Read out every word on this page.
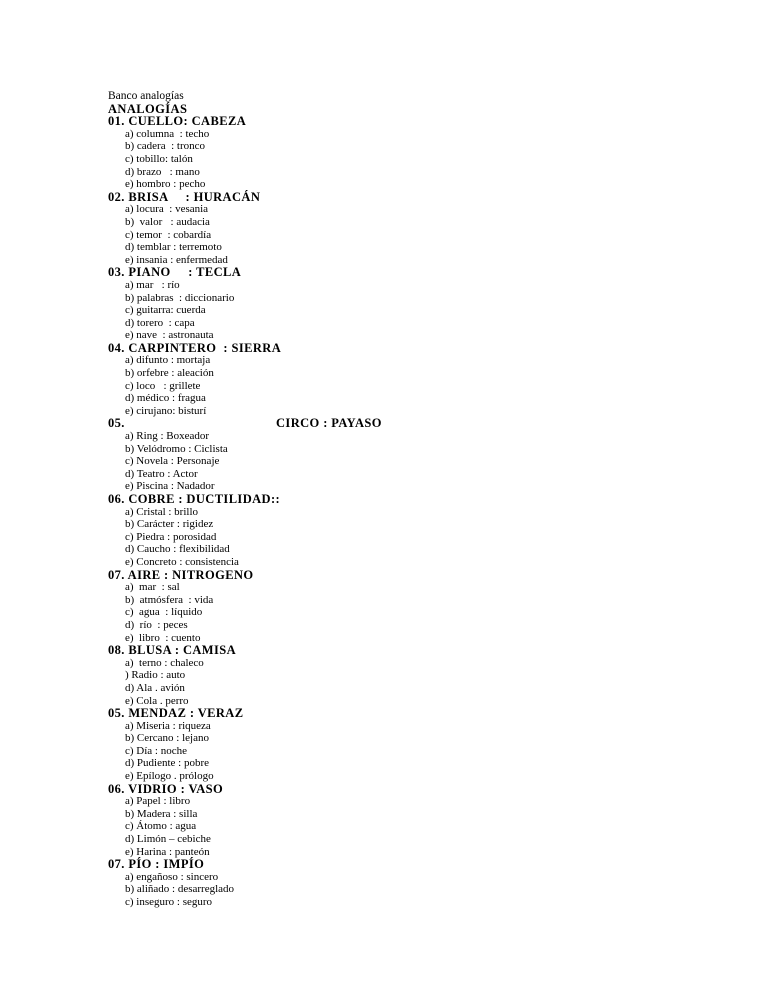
Banco analogías
ANALOGÍAS
01. CUELLO: CABEZA
a) columna  : techo
b) cadera  : tronco
c) tobillo: talón
d) brazo   : mano
e) hombro : pecho
02. BRISA     : HURACÁN
a) locura  : vesania
b)  valor   : audacia
c) temor  : cobardía
d) temblar : terremoto
e) insania : enfermedad
03. PIANO     : TECLA
a) mar   : río
b) palabras  : diccionario
c) guitarra: cuerda
d) torero  : capa
e) nave  : astronauta
04. CARPINTERO  : SIERRA
a) difunto : mortaja
b) orfebre : aleación
c) loco   : grillete
d) médico : fragua
e) cirujano: bisturí
05.	CIRCO : PAYASO
a) Ring : Boxeador
b) Velódromo : Ciclista
c) Novela : Personaje
d) Teatro : Actor
e) Piscina : Nadador
06. COBRE : DUCTILIDAD::
a) Cristal : brillo
b) Carácter : rigidez
c) Piedra : porosidad
d) Caucho : flexibilidad
e) Concreto : consistencia
07. AIRE : NITROGENO
a)  mar  : sal
b)  atmósfera  : vida
c)  agua  : líquido
d)  río  : peces
e)  libro  : cuento
08. BLUSA : CAMISA
a)  terno : chaleco
) Radio : auto
d) Ala . avión
e) Cola . perro
05. MENDAZ : VERAZ
a) Miseria : riqueza
b) Cercano : lejano
c) Día : noche
d) Pudiente : pobre
e) Epílogo . prólogo
06. VIDRIO : VASO
a) Papel : libro
b) Madera : silla
c) Átomo : agua
d) Limón – cebiche
e) Harina : panteón
07. PÍO : IMPÍO
a) engañoso : sincero
b) aliñado : desarreglado
c) inseguro : seguro
